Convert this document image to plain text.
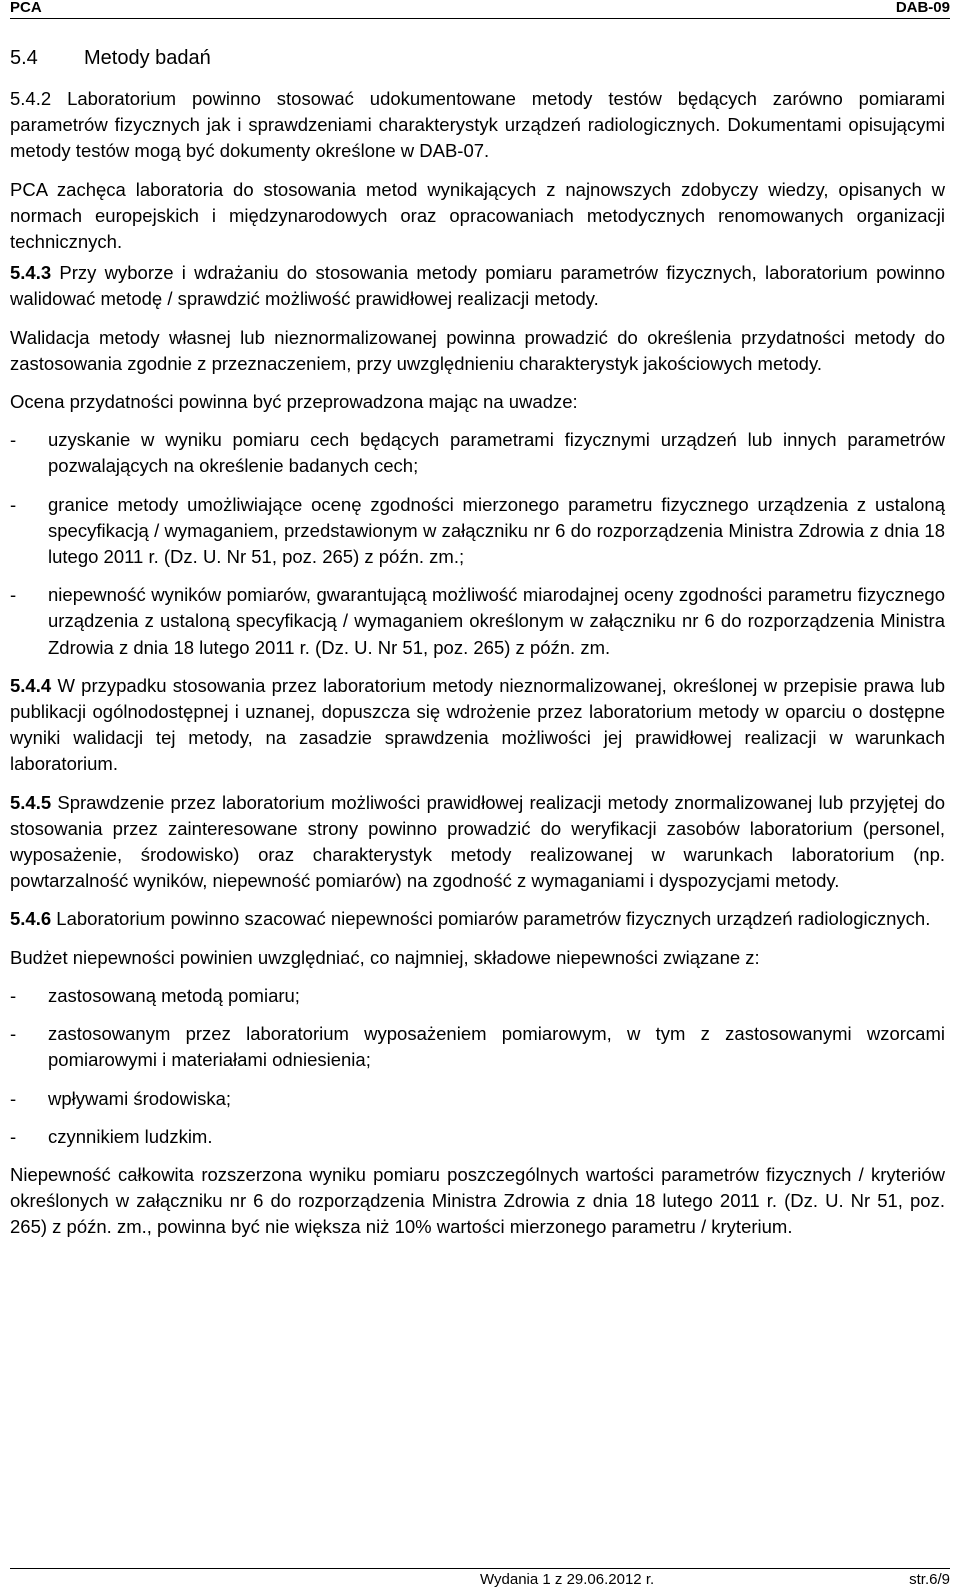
PCA	DAB-09

5.4 Metody badań

5.4.2 Laboratorium powinno stosować udokumentowane metody testów będących zarówno pomiarami parametrów fizycznych jak i sprawdzeniami charakterystyk urządzeń radiologicznych. Dokumentami opisującymi metody testów mogą być dokumenty określone w DAB-07.

PCA zachęca laboratoria do stosowania metod wynikających z najnowszych zdobyczy wiedzy, opisanych w normach europejskich i międzynarodowych oraz opracowaniach metodycznych renomowanych organizacji technicznych.

5.4.3 Przy wyborze i wdrażaniu do stosowania metody pomiaru parametrów fizycznych, laboratorium powinno walidować metodę / sprawdzić możliwość prawidłowej realizacji metody.

Walidacja metody własnej lub nieznormalizowanej powinna prowadzić do określenia przydatności metody do zastosowania zgodnie z przeznaczeniem, przy uwzględnieniu charakterystyk jakościowych metody.

Ocena przydatności powinna być przeprowadzona mając na uwadze:

- uzyskanie w wyniku pomiaru cech będących parametrami fizycznymi urządzeń lub innych parametrów pozwalających na określenie badanych cech;
- granice metody umożliwiające ocenę zgodności mierzonego parametru fizycznego urządzenia z ustaloną specyfikacją / wymaganiem, przedstawionym w załączniku nr 6 do rozporządzenia Ministra Zdrowia z dnia 18 lutego 2011 r. (Dz. U. Nr 51, poz. 265) z późn. zm.;
- niepewność wyników pomiarów, gwarantującą możliwość miarodajnej oceny zgodności parametru fizycznego urządzenia z ustaloną specyfikacją / wymaganiem określonym w załączniku nr 6 do rozporządzenia Ministra Zdrowia z dnia 18 lutego 2011 r. (Dz. U. Nr 51, poz. 265) z późn. zm.

5.4.4 W przypadku stosowania przez laboratorium metody nieznormalizowanej, określonej w przepisie prawa lub publikacji ogólnodostępnej i uznanej, dopuszcza się wdrożenie przez laboratorium metody w oparciu o dostępne wyniki walidacji tej metody, na zasadzie sprawdzenia możliwości jej prawidłowej realizacji w warunkach laboratorium.

5.4.5 Sprawdzenie przez laboratorium możliwości prawidłowej realizacji metody znormalizowanej lub przyjętej do stosowania przez zainteresowane strony powinno prowadzić do weryfikacji zasobów laboratorium (personel, wyposażenie, środowisko) oraz charakterystyk metody realizowanej w warunkach laboratorium (np. powtarzalność wyników, niepewność pomiarów) na zgodność z wymaganiami i dyspozycjami metody.

5.4.6 Laboratorium powinno szacować niepewności pomiarów parametrów fizycznych urządzeń radiologicznych.

Budżet niepewności powinien uwzględniać, co najmniej, składowe niepewności związane z:

- zastosowaną metodą pomiaru;
- zastosowanym przez laboratorium wyposażeniem pomiarowym, w tym z zastosowanymi wzorcami pomiarowymi i materiałami odniesienia;
- wpływami środowiska;
- czynnikiem ludzkim.

Niepewność całkowita rozszerzona wyniku pomiaru poszczególnych wartości parametrów fizycznych / kryteriów określonych w załączniku nr 6 do rozporządzenia Ministra Zdrowia z dnia 18 lutego 2011 r. (Dz. U. Nr 51, poz. 265) z późn. zm., powinna być nie większa niż 10% wartości mierzonego parametru / kryterium.

Wydania 1 z 29.06.2012 r.	str.6/9
